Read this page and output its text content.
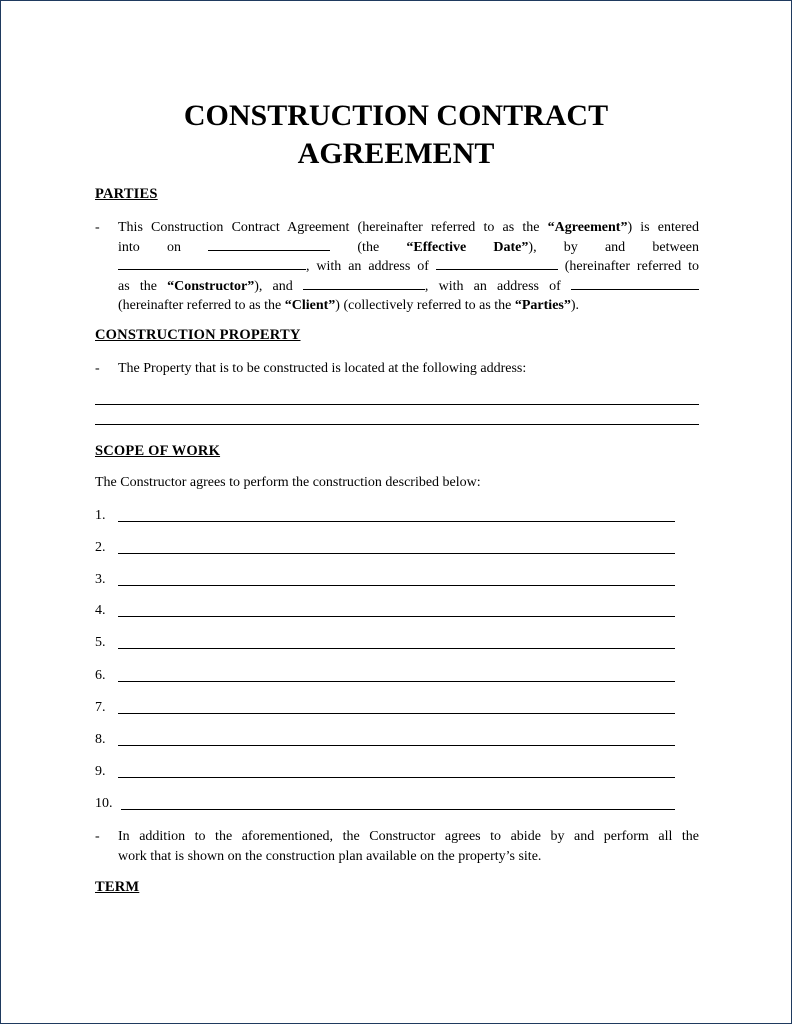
CONSTRUCTION CONTRACT
AGREEMENT
PARTIES
- This Construction Contract Agreement (hereinafter referred to as the “Agreement”) is entered
into on	(the “Effective Date”), by and between
, with an address of	(hereinafter referred to
as the “Constructor”), and	, with an address of
(hereinafter referred to as the “Client”) (collectively referred to as the “Parties”).
CONSTRUCTION PROPERTY
- The Property that is to be constructed is located at the following address:
SCOPE OF WORK
The Constructor agrees to perform the construction described below:
1.
2.
3.
4.
5.
6.
7.
8.
9.
10.
- In addition to the aforementioned, the Constructor agrees to abide by and perform all the
work that is shown on the construction plan available on the property’s site.
TERM
